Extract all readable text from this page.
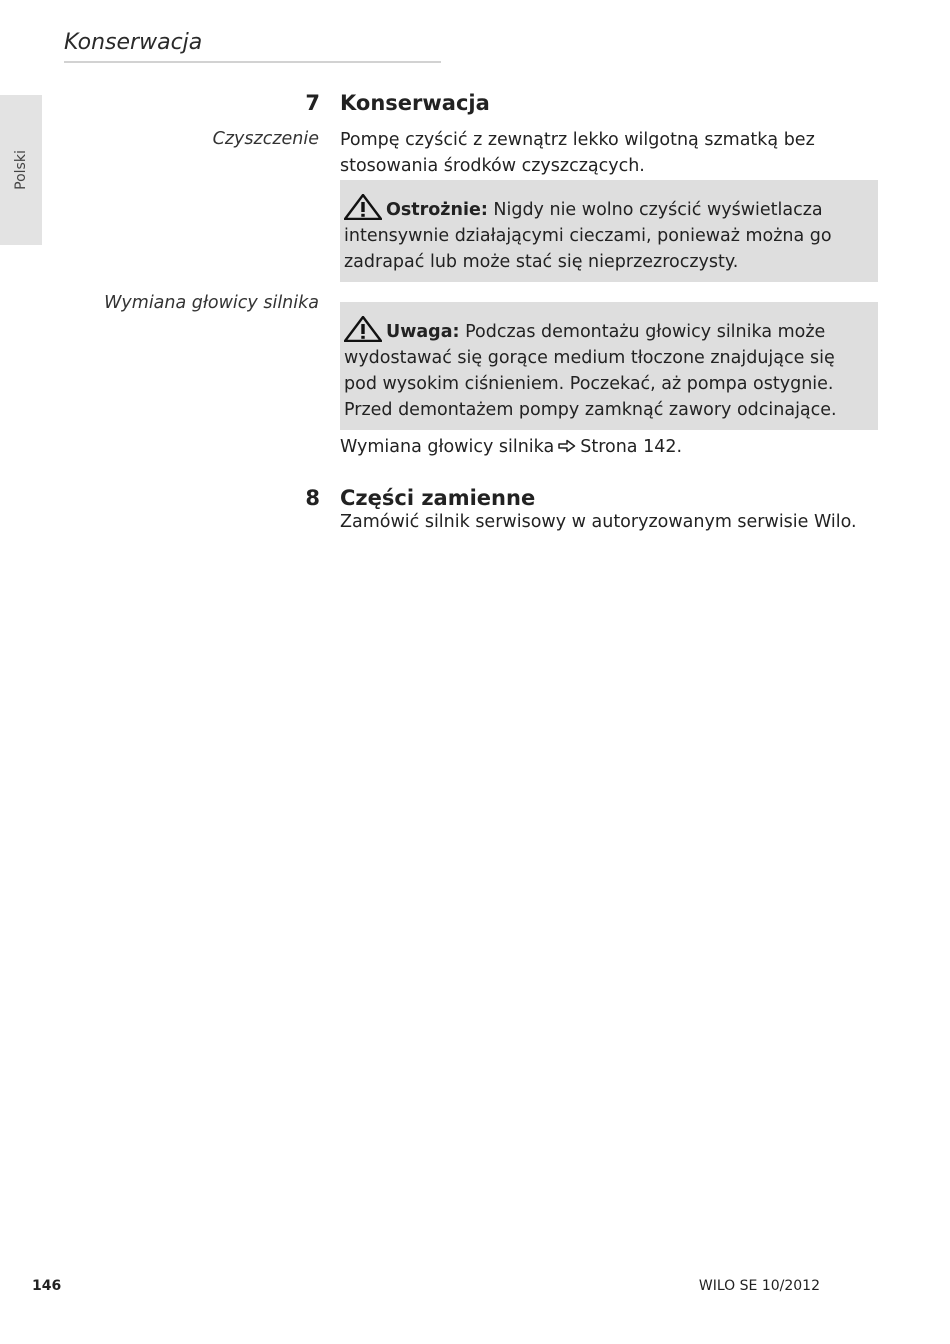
Konserwacja
Polski
7 Konserwacja
Czyszczenie Pompę czyścić z zewnątrz lekko wilgotną szmatką bez stosowania środków czyszczących.
Ostrożnie: Nigdy nie wolno czyścić wyświetlacza intensywnie działającymi cieczami, ponieważ można go zadrapać lub może stać się nieprzezroczysty.
Wymiana głowicy silnika
Uwaga: Podczas demontażu głowicy silnika może wydostawać się gorące medium tłoczone znajdujące się pod wysokim ciśnieniem. Poczekać, aż pompa ostygnie.
Przed demontażem pompy zamknąć zawory odcinające.
Wymiana głowicy silnika Strona 142.
8 Części zamienne
Zamówić silnik serwisowy w autoryzowanym serwisie Wilo.
146	WILO SE 10/2012
